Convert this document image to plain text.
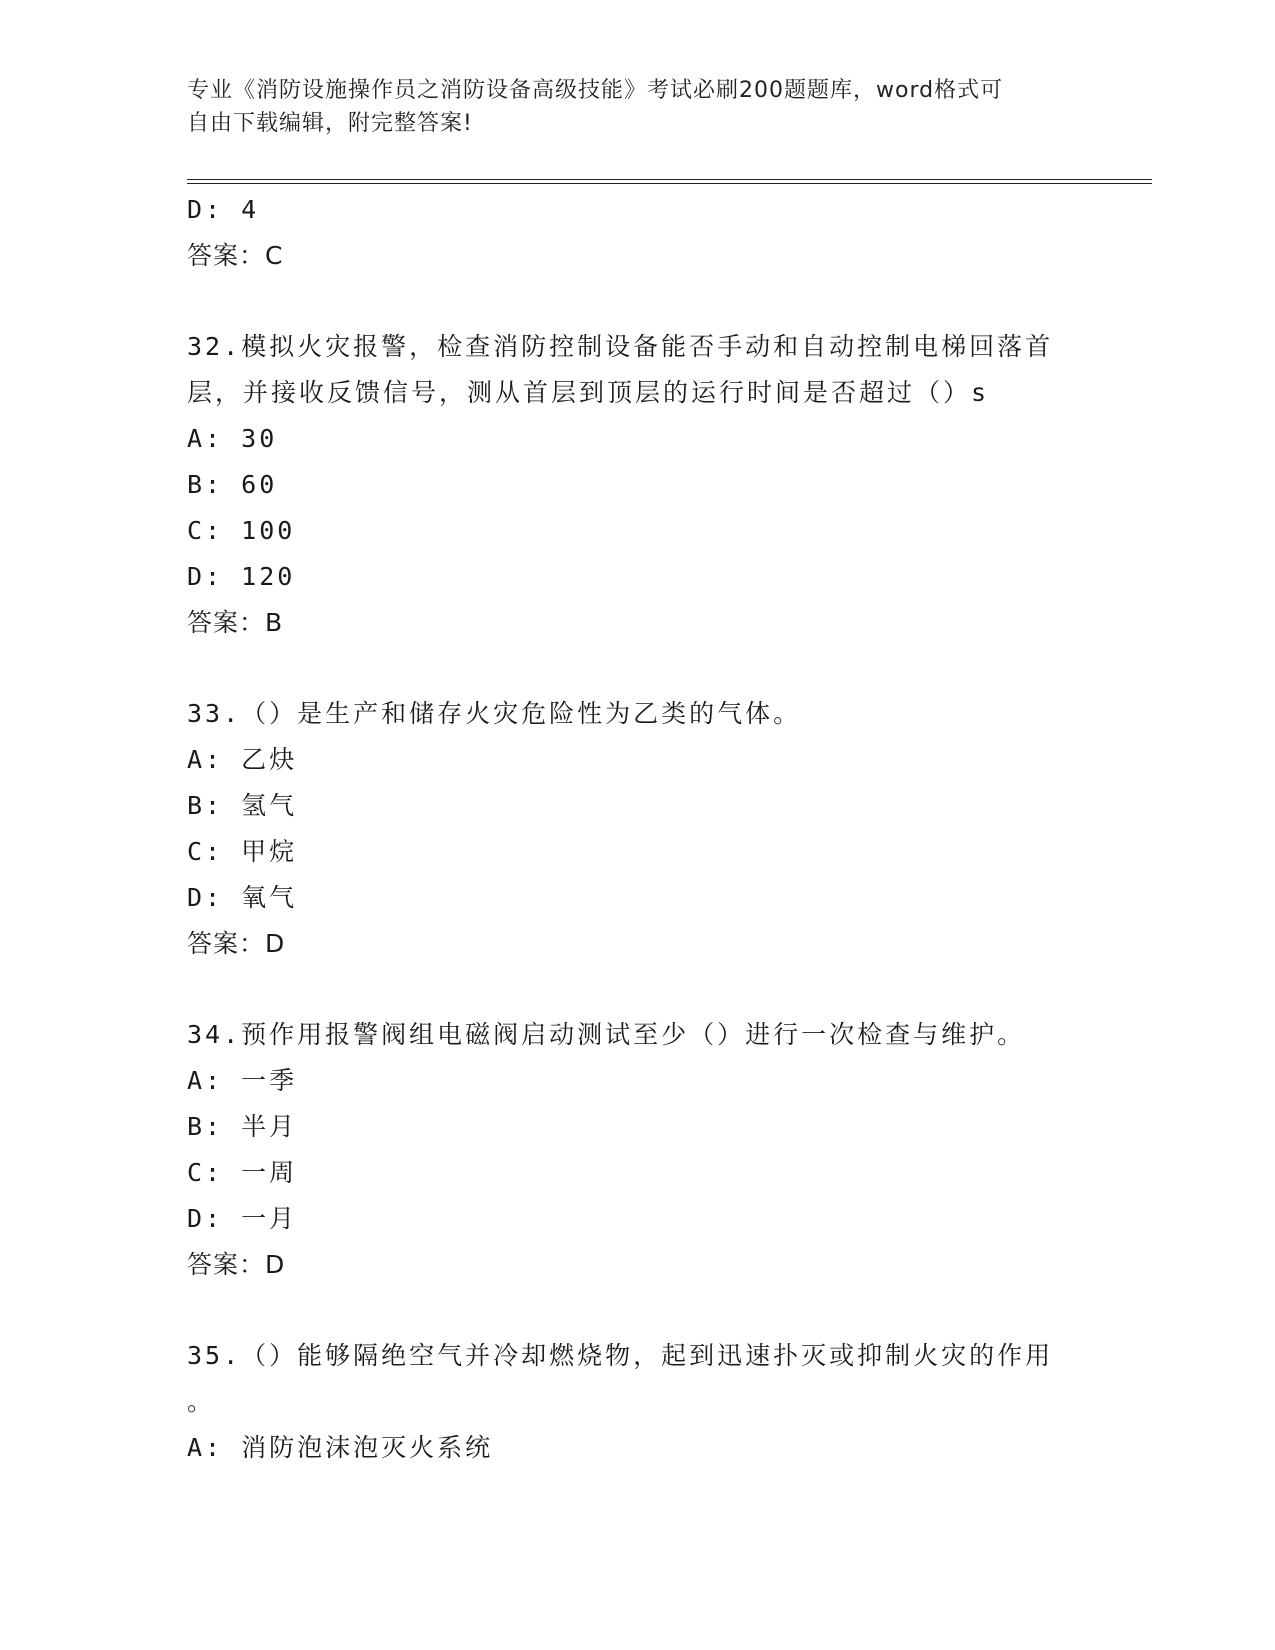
专业《消防设施操作员之消防设备高级技能》考试必刷200题题库，word格式可
自由下载编辑，附完整答案!
D: 4
答案：C
32.模拟火灾报警，检查消防控制设备能否手动和自动控制电梯回落首
层，并接收反馈信号，测从首层到顶层的运行时间是否超过（）s
A: 30
B: 60
C: 100
D: 120
答案：B
33.（）是生产和储存火灾危险性为乙类的气体。
A: 乙炔
B: 氢气
C: 甲烷
D: 氧气
答案：D
34.预作用报警阀组电磁阀启动测试至少（）进行一次检查与维护。
A: 一季
B: 半月
C: 一周
D: 一月
答案：D
35.（）能够隔绝空气并冷却燃烧物，起到迅速扑灭或抑制火灾的作用
。
A: 消防泡沫泡灭火系统
